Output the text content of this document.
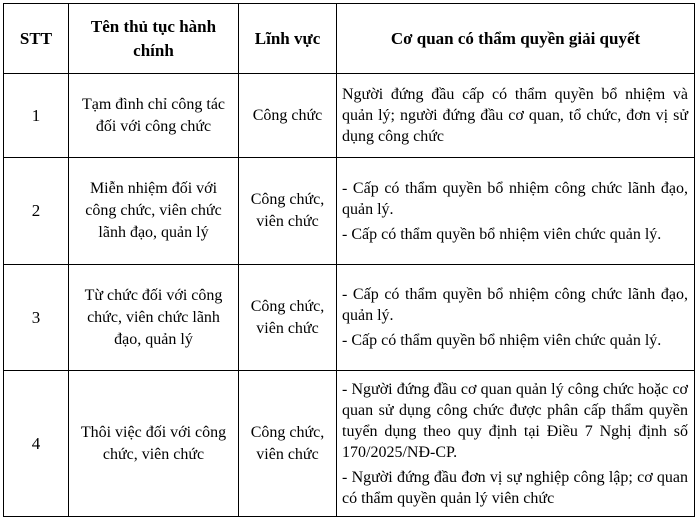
STT	Tên thủ tục hành chính	Lĩnh vực	Cơ quan có thẩm quyền giải quyết
1	Tạm đình chỉ công tác đối với công chức	Công chức	Người đứng đầu cấp có thẩm quyền bổ nhiệm và quản lý; người đứng đầu cơ quan, tổ chức, đơn vị sử dụng công chức

2	Miễn nhiệm đối với công chức, viên chức lãnh đạo, quản lý	Công chức, viên chức	- Cấp có thẩm quyền bổ nhiệm công chức lãnh đạo, quản lý.

- Cấp có thẩm quyền bổ nhiệm viên chức quản lý.

3	Từ chức đối với công chức, viên chức lãnh đạo, quản lý	Công chức, viên chức	- Cấp có thẩm quyền bổ nhiệm công chức lãnh đạo, quản lý.

- Cấp có thẩm quyền bổ nhiệm viên chức quản lý.

4	Thôi việc đối với công chức, viên chức	Công chức, viên chức	- Người đứng đầu cơ quan quản lý công chức hoặc cơ quan sử dụng công chức được phân cấp thẩm quyền tuyển dụng theo quy định tại Điều 7 Nghị định số 170/2025/NĐ-CP.

- Người đứng đầu đơn vị sự nghiệp công lập; cơ quan có thẩm quyền quản lý viên chức
